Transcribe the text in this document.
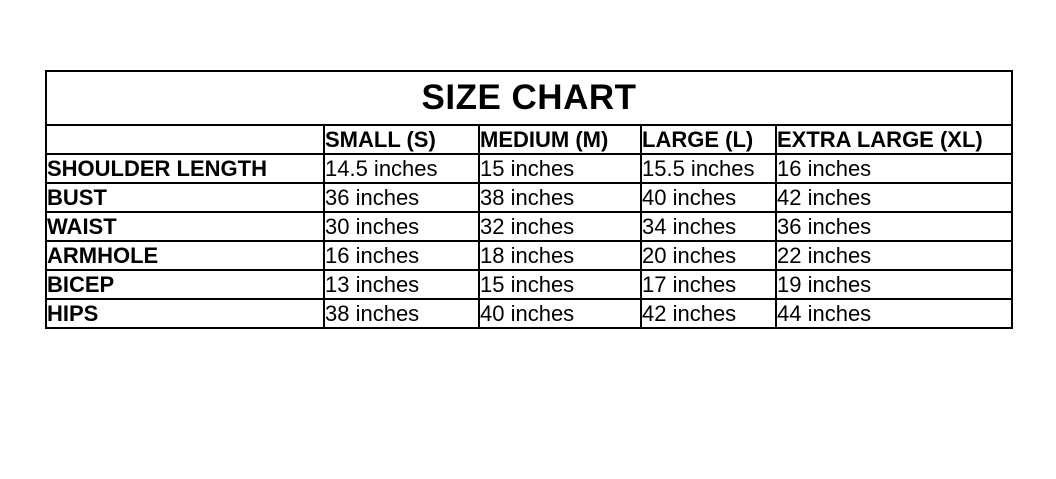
SIZE CHART				
	SMALL (S)	MEDIUM (M)	LARGE (L)	EXTRA LARGE (XL)
SHOULDER LENGTH	14.5 inches	15 inches	15.5 inches	16 inches
BUST	36 inches	38 inches	40 inches	42 inches
WAIST	30 inches	32 inches	34 inches	36 inches
ARMHOLE	16 inches	18 inches	20 inches	22 inches
BICEP	13 inches	15 inches	17 inches	19 inches
HIPS	38 inches	40 inches	42 inches	44 inches
